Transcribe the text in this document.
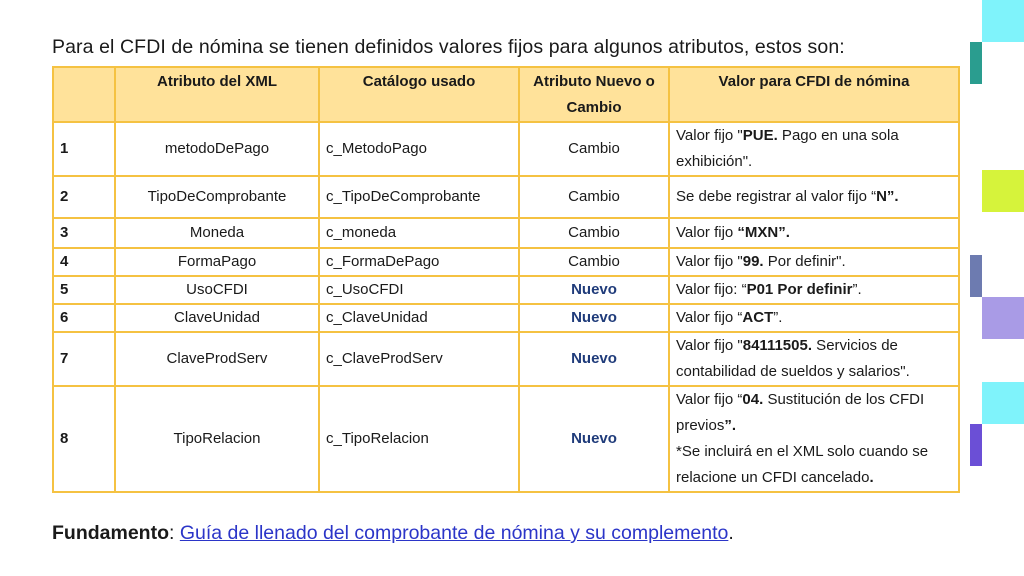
Para el CFDI de nómina se tienen definidos valores fijos para algunos atributos, estos son:
	Atributo del XML	Catálogo usado	Atributo Nuevo o Cambio	Valor para CFDI de nómina
1	metodoDePago	c_MetodoPago	Cambio	Valor fijo "PUE. Pago en una sola exhibición".
2	TipoDeComprobante	c_TipoDeComprobante	Cambio	Se debe registrar al valor fijo “N”.
3	Moneda	c_moneda	Cambio	Valor fijo “MXN”.
4	FormaPago	c_FormaDePago	Cambio	Valor fijo "99. Por definir".
5	UsoCFDI	c_UsoCFDI	Nuevo	Valor fijo: “P01 Por definir”.
6	ClaveUnidad	c_ClaveUnidad	Nuevo	Valor fijo “ACT”.
7	ClaveProdServ	c_ClaveProdServ	Nuevo	Valor fijo "84111505. Servicios de contabilidad de sueldos y salarios".
8	TipoRelacion	c_TipoRelacion	Nuevo	Valor fijo “04. Sustitución de los CFDI previos”.
*Se incluirá en el XML solo cuando se relacione un CFDI cancelado.
Fundamento: Guía de llenado del comprobante de nómina y su complemento.
